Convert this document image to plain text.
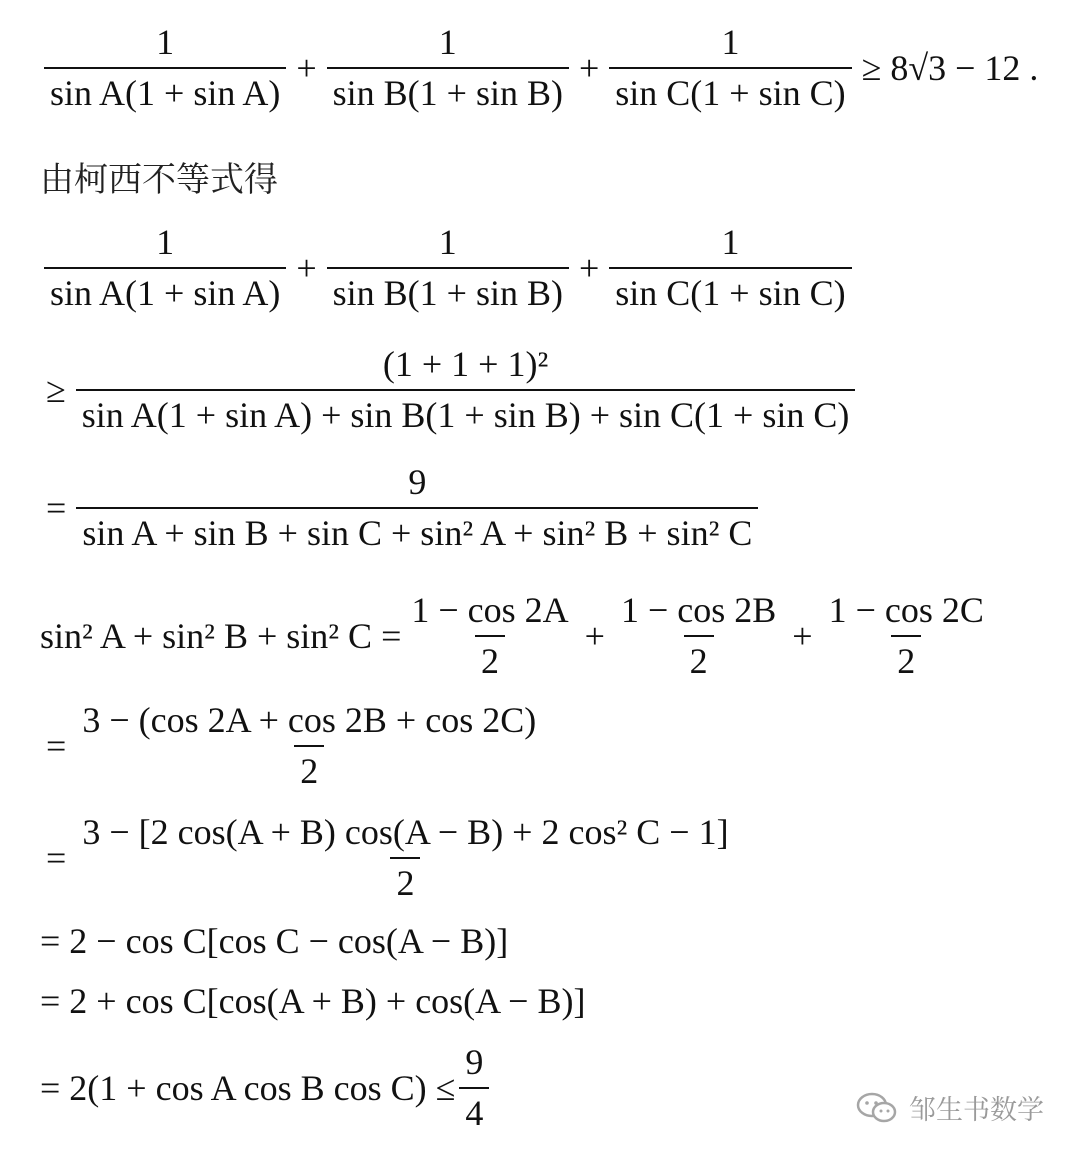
$\frac{1}{\text{sin A(1 + sin A)}} + \frac{1}{\text{sin B(1 + sin B)}} + \frac{1}{\text{sin C(1 + sin C)}} \ge 8√3 - 12$ .
由柯西不等式得
$\frac{1}{\text{sin A(1 + sin A)}} + \frac{1}{\text{sin B(1 + sin B)}} + \frac{1}{\text{sin C(1 + sin C)}}$
≥ $\frac{\text{(1 + 1 + 1)²}}{\text{sin A(1 + sin A) + sin B(1 + sin B) + sin C(1 + sin C)}}$
= $\frac{9}{\text{sin A + sin B + sin C + sin² A + sin² B + sin² C}}$
sin² A + sin² B + sin² $C = \frac{1 - \cos 2A}{2} + \frac{1 - \cos 2B}{2} + \frac{1 - \cos 2C}{2}$
= $\frac{3 - (\cos 2A + \cos 2B + \cos 2C)}{2}$
= $\frac{\text{3 − [2 cos(A + B) cos(A − B) + 2 cos² C − 1]}}{2}$
= 2 − cos C[cos C − cos(A − B)]
= 2 + cos C[cos(A + B) + cos(A − B)]
= 2(1 + cos A cos B $\cos C) \le \frac{9}{4}$	邹生书数学
